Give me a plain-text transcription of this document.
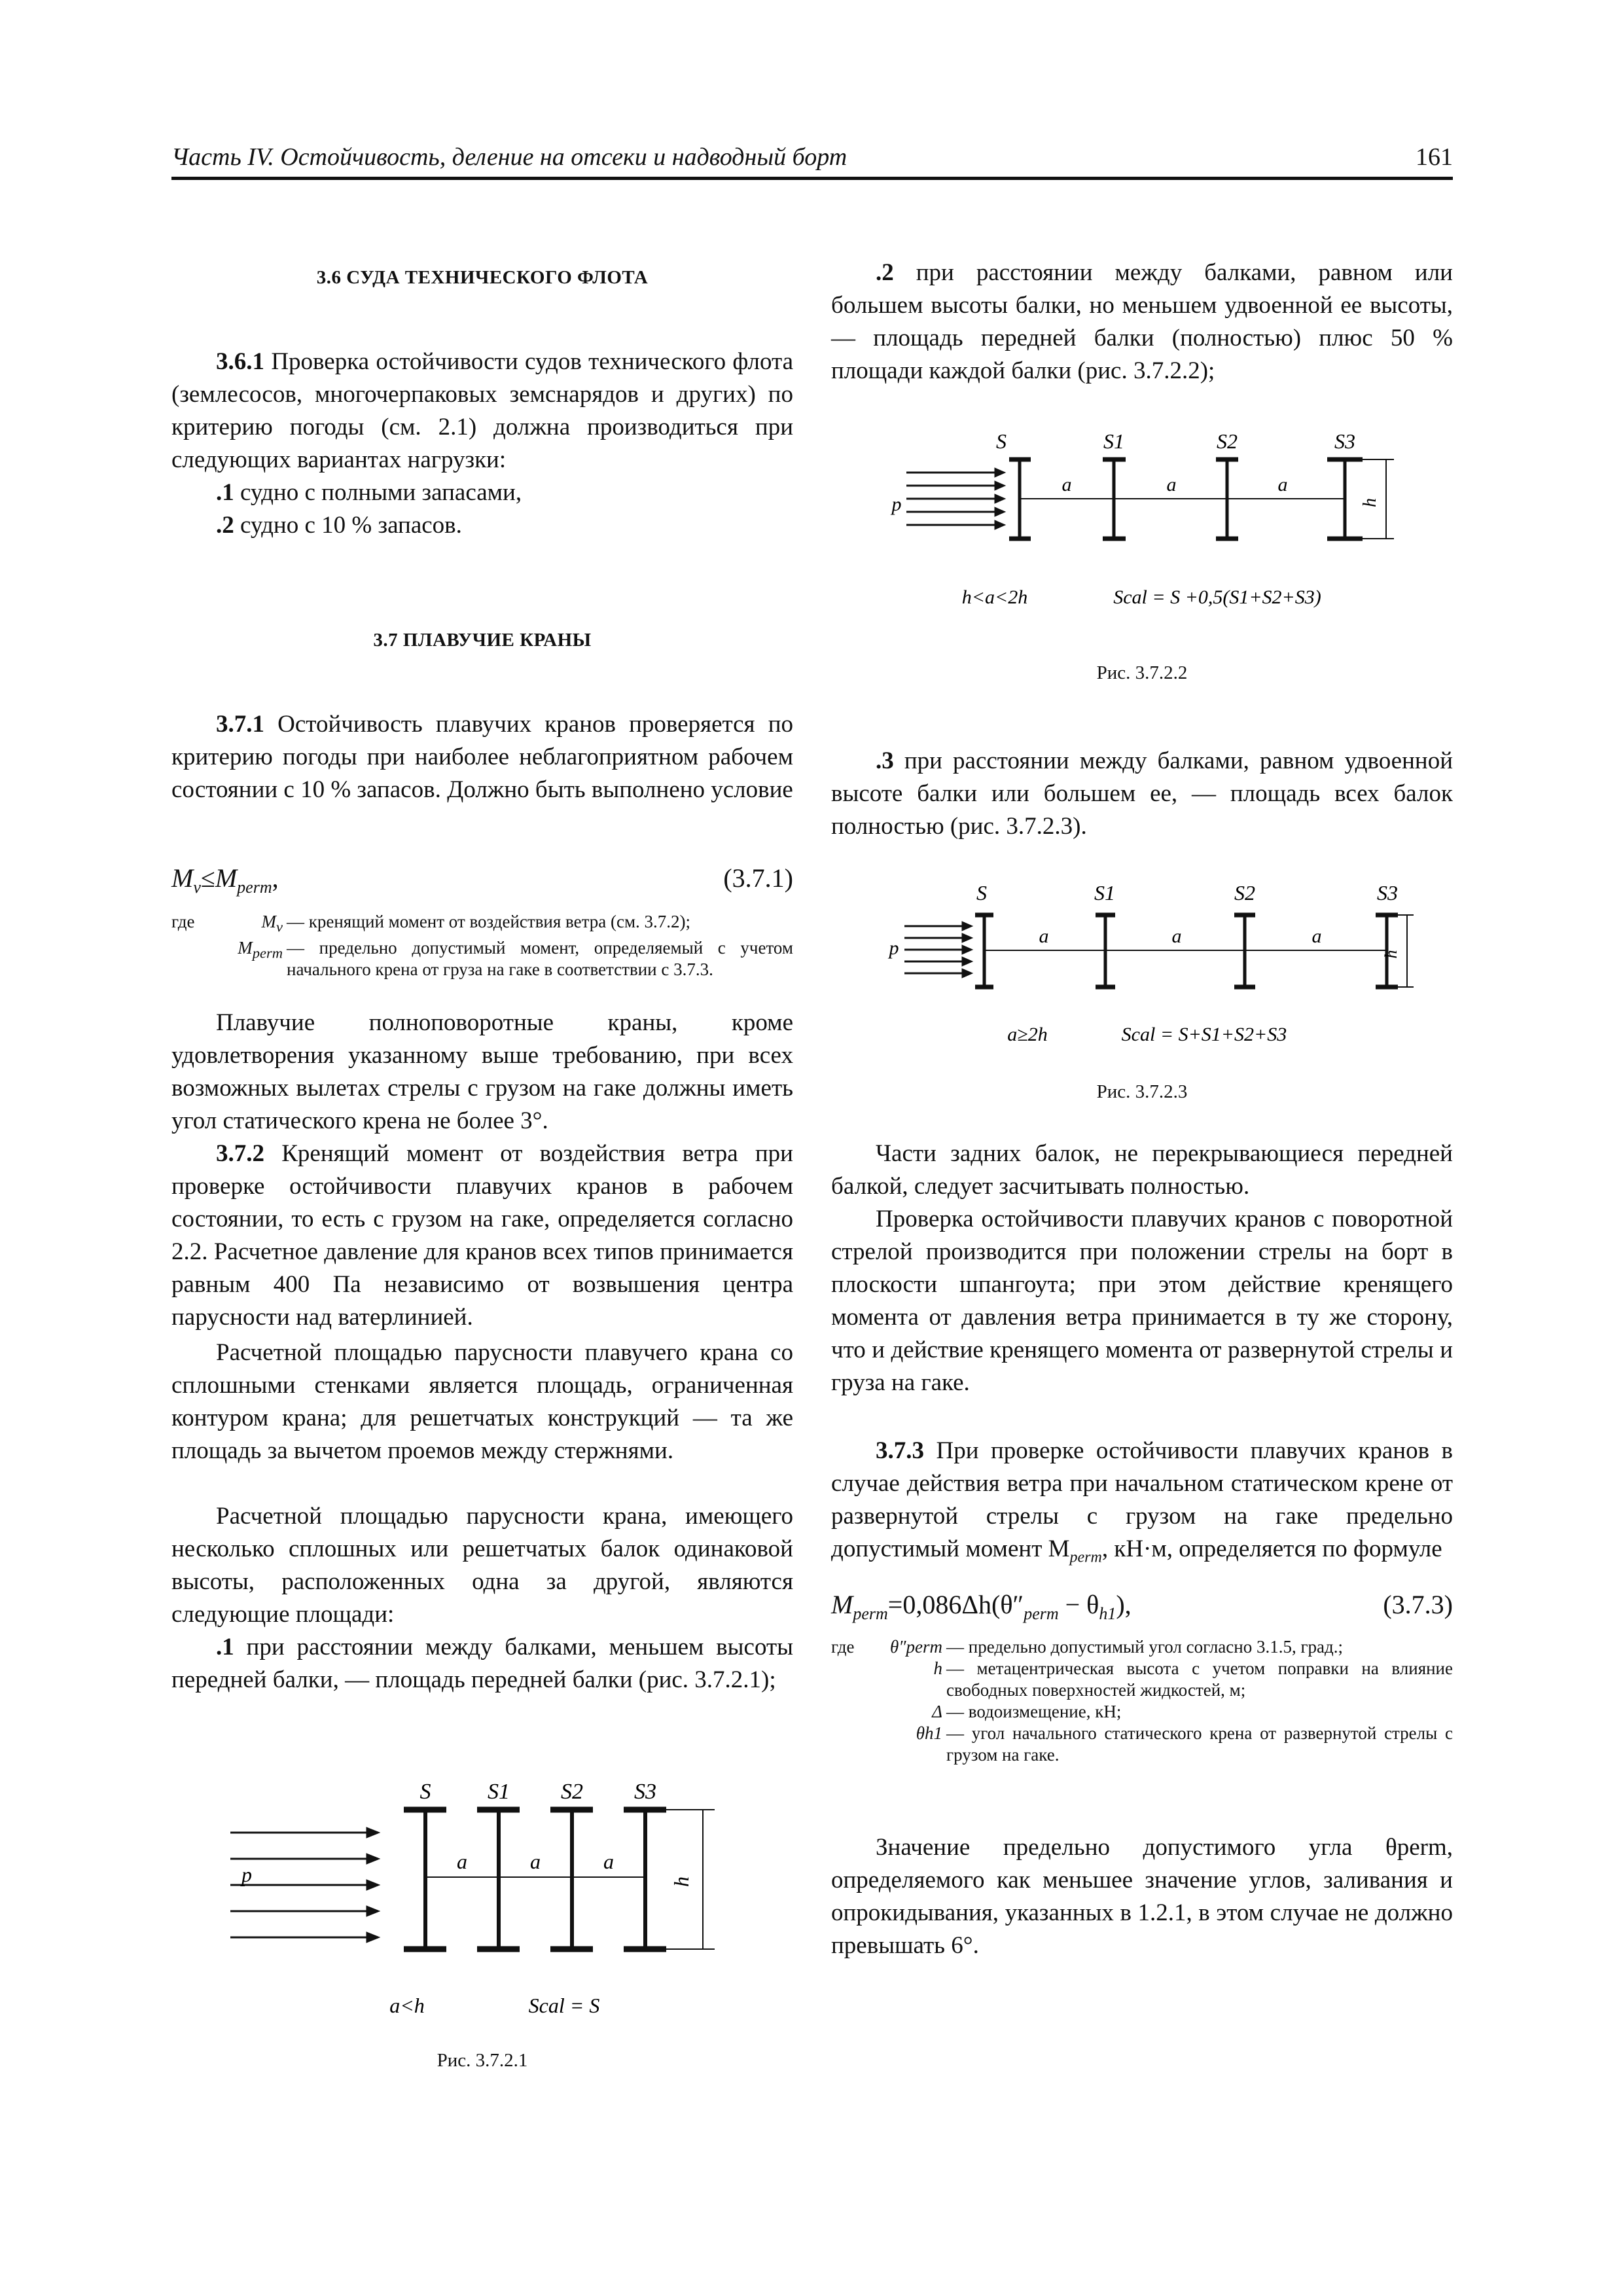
Часть IV. Остойчивость, деление на отсеки и надводный борт	161
3.6 СУДА ТЕХНИЧЕСКОГО ФЛОТА
3.6.1 Проверка остойчивости судов технического флота (землесосов, многочерпаковых земснарядов и других) по критерию погоды (см. 2.1) должна производиться при следующих вариантах нагрузки:
.1 судно с полными запасами,
.2 судно с 10 % запасов.
3.7 ПЛАВУЧИЕ КРАНЫ
3.7.1 Остойчивость плавучих кранов проверяется по критерию погоды при наиболее неблагоприятном рабочем состоянии с 10 % запасов. Должно быть выполнено условие
$M_v\le M_{perm}$,	(3.7.1)
где	$M_v$ — кренящий момент от воздействия ветра (см. 3.7.2);
$M_{perm}$ — предельно допустимый момент, определяемый с учетом начального крена от груза на гаке в соответствии с 3.7.3.
Плавучие полноповоротные краны, кроме удовлетворения указанному выше требованию, при всех возможных вылетах стрелы с грузом на гаке должны иметь угол статического крена не более 3°.
3.7.2 Кренящий момент от воздействия ветра при проверке остойчивости плавучих кранов в рабочем состоянии, то есть с грузом на гаке, определяется согласно 2.2. Расчетное давление для кранов всех типов принимается равным 400 Па независимо от возвышения центра парусности над ватерлинией.
Расчетной площадью парусности плавучего крана со сплошными стенками является площадь, ограниченная контуром крана; для решетчатых конструкций — та же площадь за вычетом проемов между стержнями.
Расчетной площадью парусности крана, имеющего несколько сплошных или решетчатых балок одинаковой высоты, расположенных одна за другой, являются следующие площади:
.1 при расстоянии между балками, меньшем высоты передней балки, — площадь передней балки (рис. 3.7.2.1);
S	S1 S2 S3
p
a	a	a
h
a<h	Scal = S
Рис. 3.7.2.1
.2 при расстоянии между балками, равном или большем высоты балки, но меньшем удвоенной ее высоты, — площадь передней балки (полностью) плюс 50 % площади каждой балки (рис. 3.7.2.2);
S	S1	S2	S3
p
a	a	a
h
h<a<2h	Scal = S +0,5(S1+S2+S3)
Рис. 3.7.2.2
.3 при расстоянии между балками, равном удвоенной высоте балки или большем ее, — площадь всех балок полностью (рис. 3.7.2.3).
S	S1	S2	S3
p
a	a	a
h
a≥2h	Scal = S+S1+S2+S3
Рис. 3.7.2.3
Части задних балок, не перекрывающиеся передней балкой, следует засчитывать полностью.
Проверка остойчивости плавучих кранов с поворотной стрелой производится при положении стрелы на борт в плоскости шпангоута; при этом действие кренящего момента от давления ветра принимается в ту же сторону, что и действие кренящего момента от развернутой стрелы и груза на гаке.
3.7.3 При проверке остойчивости плавучих кранов в случае действия ветра при начальном статическом крене от развернутой стрелы с грузом на гаке предельно допустимый момент $M_{perm}$, кН·м, определяется по формуле
$M_{perm}=0,086\Delta h(\theta''_{perm} - \theta_{h1})$,	(3.7.3)
где	θ″perm — предельно допустимый угол согласно 3.1.5, град.;
h — метацентрическая высота с учетом поправки на влияние свободных поверхностей жидкостей, м;
Δ — водоизмещение, кН;
θh1 — угол начального статического крена от развернутой стрелы с грузом на гаке.
Значение предельно допустимого угла θperm, определяемого как меньшее значение углов, заливания и опрокидывания, указанных в 1.2.1, в этом случае не должно превышать 6°.
